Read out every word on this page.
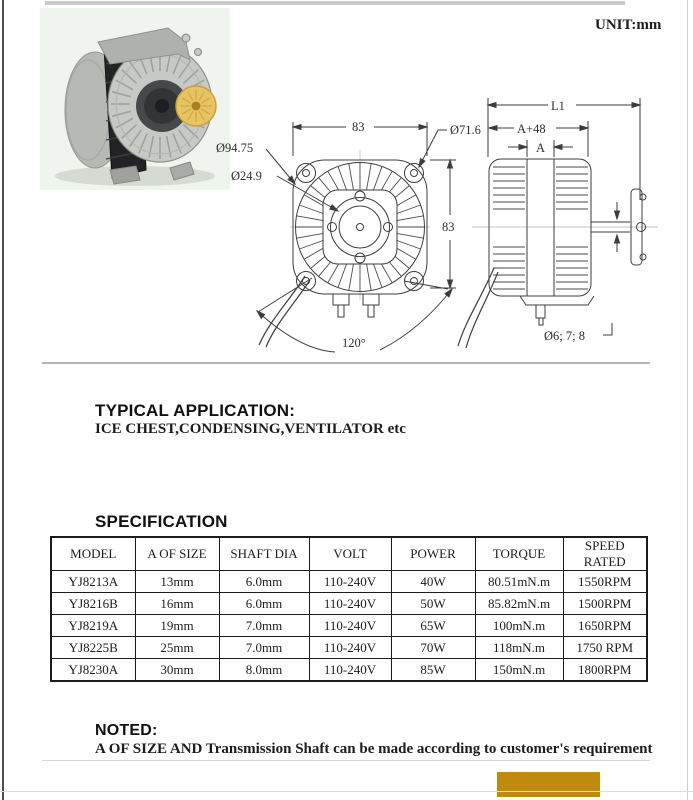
UNIT:mm
83
83
Ø94.75
Ø24.9
Ø71.6
120°
L1
A+48
A
Ø6; 7; 8
TYPICAL APPLICATION:
ICE CHEST,CONDENSING,VENTILATOR etc
SPECIFICATION
MODEL	A OF SIZE	SHAFT DIA	VOLT	POWER	TORQUE	SPEED RATED
YJ8213A	13mm	6.0mm	110-240V	40W	80.51mN.m	1550RPM
YJ8216B	16mm	6.0mm	110-240V	50W	85.82mN.m	1500RPM
YJ8219A	19mm	7.0mm	110-240V	65W	100mN.m	1650RPM
YJ8225B	25mm	7.0mm	110-240V	70W	118mN.m	1750 RPM
YJ8230A	30mm	8.0mm	110-240V	85W	150mN.m	1800RPM
NOTED:
A OF SIZE AND Transmission Shaft can be made according to customer's requirement
